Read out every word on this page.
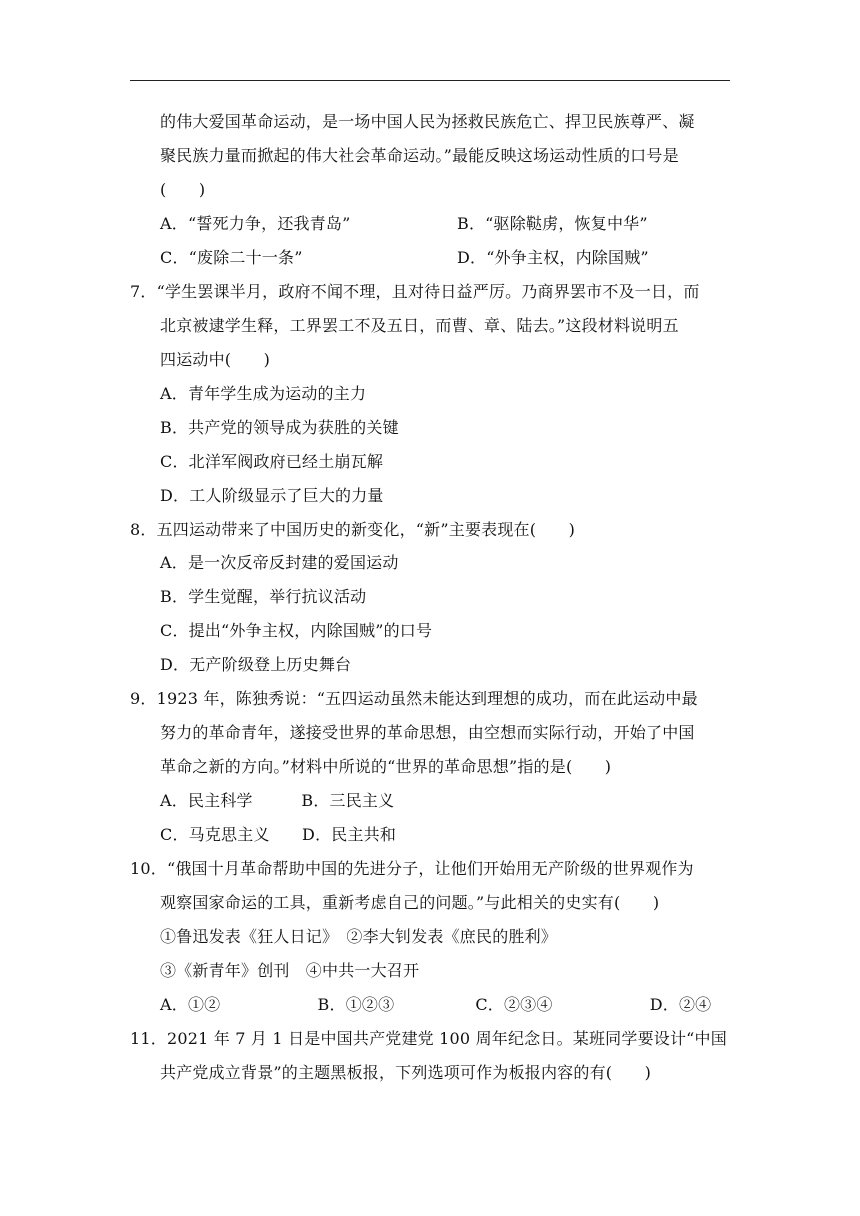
的伟大爱国革命运动，是一场中国人民为拯救民族危亡、捍卫民族尊严、凝
聚民族力量而掀起的伟大社会革命运动。”最能反映这场运动性质的口号是
(　　)
A．“誓死力争，还我青岛”	B．“驱除鞑虏，恢复中华”
C．“废除二十一条”	D．“外争主权，内除国贼”
7．“学生罢课半月，政府不闻不理，且对待日益严厉。乃商界罢市不及一日，而
北京被逮学生释，工界罢工不及五日，而曹、章、陆去。”这段材料说明五
四运动中(　　)
A．青年学生成为运动的主力
B．共产党的领导成为获胜的关键
C．北洋军阀政府已经土崩瓦解
D．工人阶级显示了巨大的力量
8．五四运动带来了中国历史的新变化，“新”主要表现在(　　)
A．是一次反帝反封建的爱国运动
B．学生觉醒，举行抗议活动
C．提出“外争主权，内除国贼”的口号
D．无产阶级登上历史舞台
9．1923 年，陈独秀说：“五四运动虽然未能达到理想的成功，而在此运动中最
努力的革命青年，遂接受世界的革命思想，由空想而实际行动，开始了中国
革命之新的方向。”材料中所说的“世界的革命思想”指的是(　　)
A．民主科学　　　B．三民主义
C．马克思主义　　D．民主共和
10．“俄国十月革命帮助中国的先进分子，让他们开始用无产阶级的世界观作为
观察国家命运的工具，重新考虑自己的问题。”与此相关的史实有(　　)
①鲁迅发表《狂人日记》　②李大钊发表《庶民的胜利》
③《新青年》创刊　④中共一大召开
A．①②　　　　　　B．①②③　　　　　C．②③④　　　　　　D．②④
11．2021 年 7 月 1 日是中国共产党建党 100 周年纪念日。某班同学要设计“中国
共产党成立背景”的主题黑板报，下列选项可作为板报内容的有(　　)
